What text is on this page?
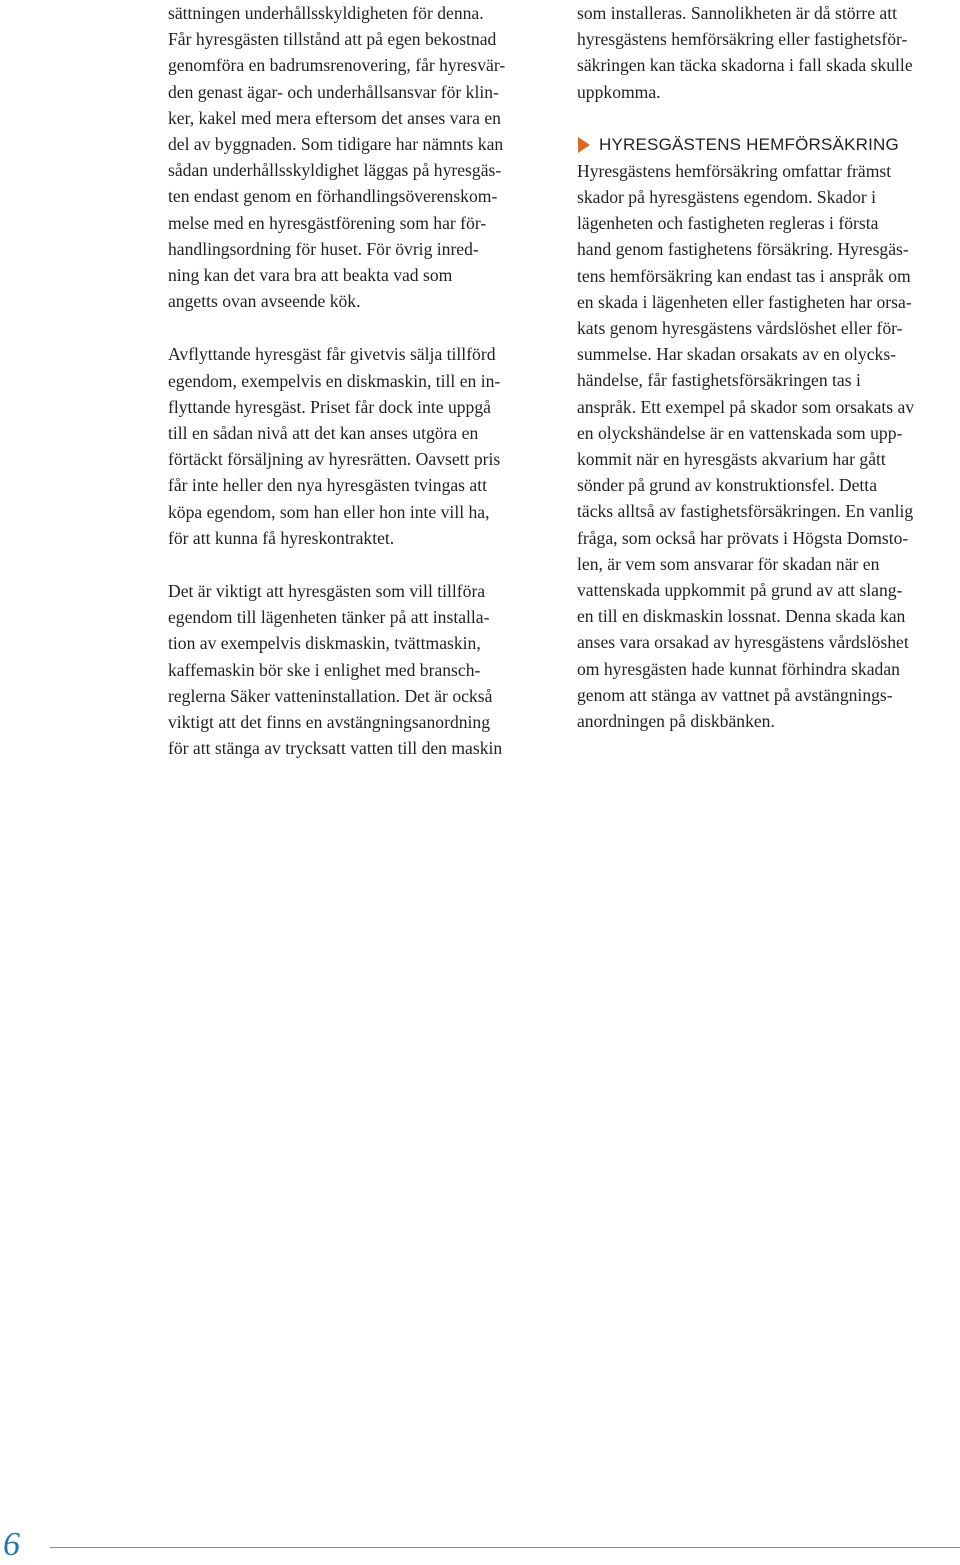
sättningen underhållsskyldigheten för denna.
Får hyresgästen tillstånd att på egen bekostnad
genomföra en badrumsrenovering, får hyresvär-
den genast ägar- och underhållsansvar för klin-
ker, kakel med mera eftersom det anses vara en
del av byggnaden. Som tidigare har nämnts kan
sådan underhållsskyldighet läggas på hyresgäs-
ten endast genom en förhandlingsöverenskom-
melse med en hyresgästförening som har för-
handlingsordning för huset. För övrig inred-
ning kan det vara bra att beakta vad som
angetts ovan avseende kök.

Avflyttande hyresgäst får givetvis sälja tillförd
egendom, exempelvis en diskmaskin, till en in-
flyttande hyresgäst. Priset får dock inte uppgå
till en sådan nivå att det kan anses utgöra en
förtäckt försäljning av hyresrätten. Oavsett pris
får inte heller den nya hyresgästen tvingas att
köpa egendom, som han eller hon inte vill ha,
för att kunna få hyreskontraktet.

Det är viktigt att hyresgästen som vill tillföra
egendom till lägenheten tänker på att installa-
tion av exempelvis diskmaskin, tvättmaskin,
kaffemaskin bör ske i enlighet med bransch-
reglerna Säker vatteninstallation. Det är också
viktigt att det finns en avstängningsanordning
för att stänga av trycksatt vatten till den maskin

som installeras. Sannolikheten är då större att
hyresgästens hemförsäkring eller fastighetsför-
säkringen kan täcka skadorna i fall skada skulle
uppkomma.

HYRESGÄSTENS HEMFÖRSÄKRING

Hyresgästens hemförsäkring omfattar främst
skador på hyresgästens egendom. Skador i
lägenheten och fastigheten regleras i första
hand genom fastighetens försäkring. Hyresgäs-
tens hemförsäkring kan endast tas i anspråk om
en skada i lägenheten eller fastigheten har orsa-
kats genom hyresgästens vårdslöshet eller för-
summelse. Har skadan orsakats av en olycks-
händelse, får fastighetsförsäkringen tas i
anspråk. Ett exempel på skador som orsakats av
en olyckshändelse är en vattenskada som upp-
kommit när en hyresgästs akvarium har gått
sönder på grund av konstruktionsfel. Detta
täcks alltså av fastighetsförsäkringen. En vanlig
fråga, som också har prövats i Högsta Domsto-
len, är vem som ansvarar för skadan när en
vattenskada uppkommit på grund av att slang-
en till en diskmaskin lossnat. Denna skada kan
anses vara orsakad av hyresgästens vårdslöshet
om hyresgästen hade kunnat förhindra skadan
genom att stänga av vattnet på avstängnings-
anordningen på diskbänken.

6
